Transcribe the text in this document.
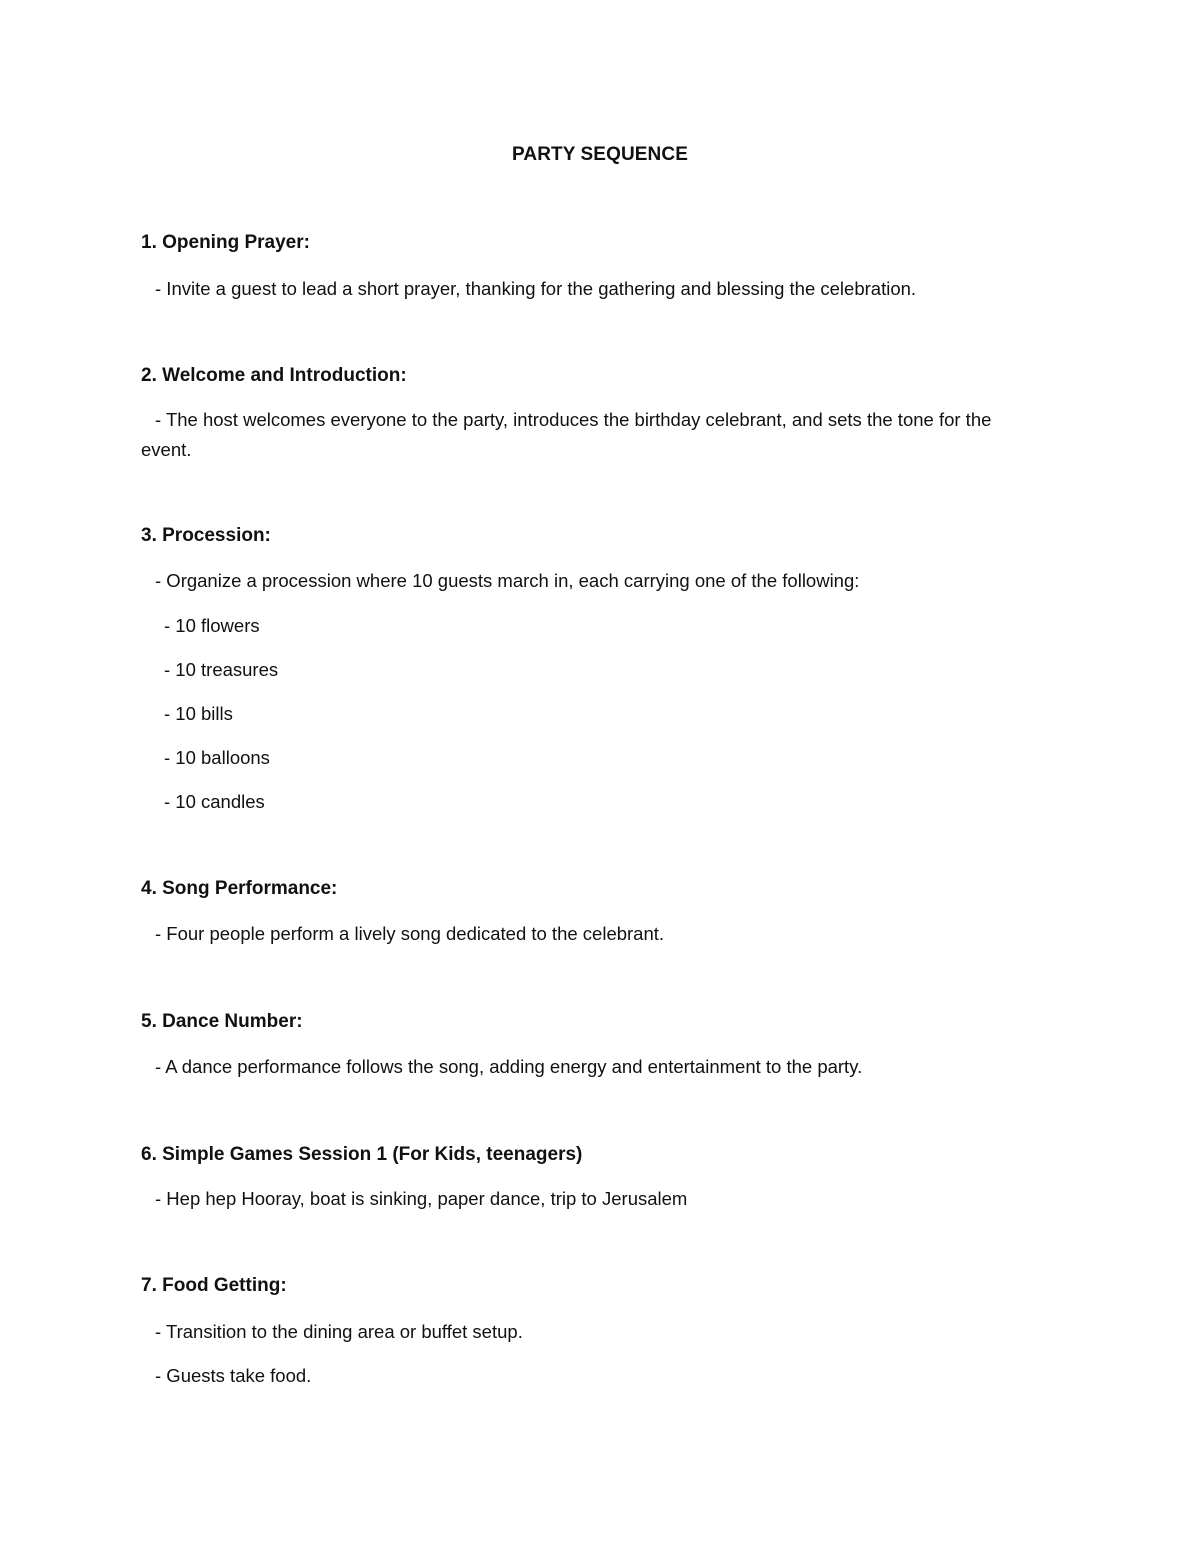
PARTY SEQUENCE
1. Opening Prayer:
- Invite a guest to lead a short prayer, thanking for the gathering and blessing the celebration.
2. Welcome and Introduction:
- The host welcomes everyone to the party, introduces the birthday celebrant, and sets the tone for the
event.
3. Procession:
- Organize a procession where 10 guests march in, each carrying one of the following:
- 10 flowers
- 10 treasures
- 10 bills
- 10 balloons
- 10 candles
4. Song Performance:
- Four people perform a lively song dedicated to the celebrant.
5. Dance Number:
- A dance performance follows the song, adding energy and entertainment to the party.
6. Simple Games Session 1 (For Kids, teenagers)
- Hep hep Hooray, boat is sinking, paper dance, trip to Jerusalem
7. Food Getting:
- Transition to the dining area or buffet setup.
- Guests take food.
